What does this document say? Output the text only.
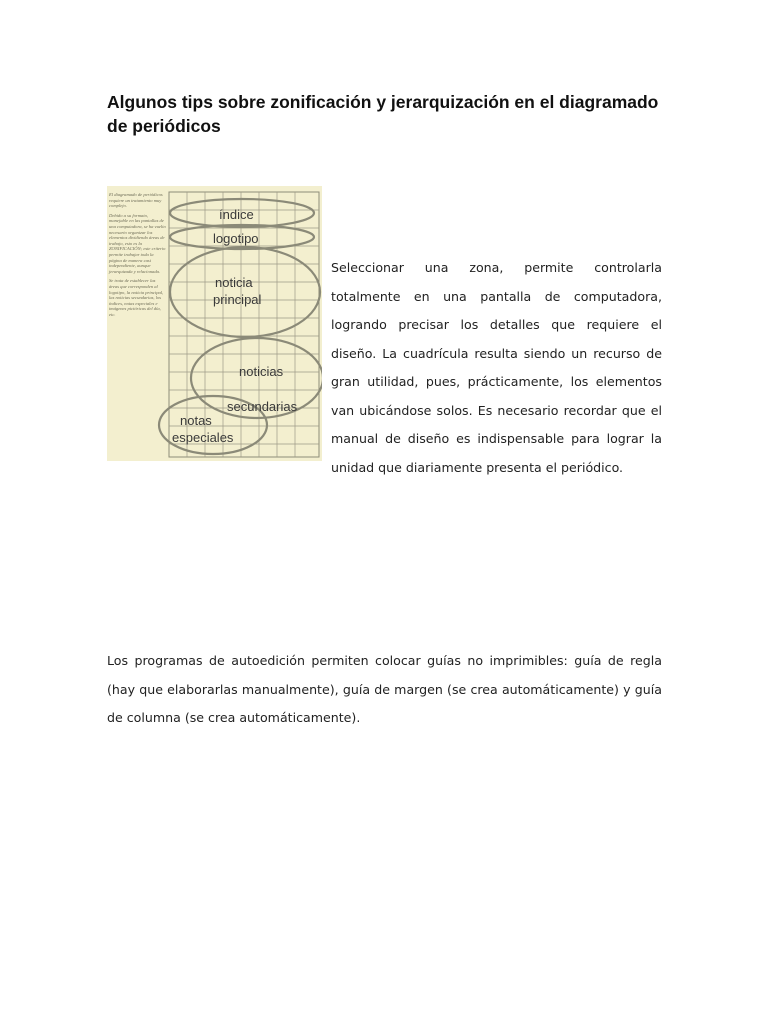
Algunos tips sobre zonificación y jerarquización en el diagramado de periódicos

El diagramado de periódicos requiere un tratamiento muy complejo.

Debido a su formato, manejable en las pantallas de una computadora, se ha vuelto necesario organizar los elementos dividiendo áreas de trabajo, esto es la ZONIFICACIÓN; este criterio permite trabajar toda la página de manera casi independiente, aunque jerarquizada y relacionada.

Se trata de establecer las áreas que corresponden al logotipo, la noticia principal, las noticias secundarias, los índices, notas especiales e imágenes pictóricas del día, etc.

índice
logotipo
noticia
principal
noticias
secundarias
notas
especiales

Seleccionar una zona, permite controlarla totalmente en una pantalla de computadora, logrando precisar los detalles que requiere el diseño. La cuadrícula resulta siendo un recurso de gran utilidad, pues, prácticamente, los elementos van ubicándose solos. Es necesario recordar que el manual de diseño es indispensable para lograr la unidad que diariamente presenta el periódico.

Los programas de autoedición permiten colocar guías no imprimibles: guía de regla (hay que elaborarlas manualmente), guía de margen (se crea automáticamente) y guía de columna (se crea automáticamente).
